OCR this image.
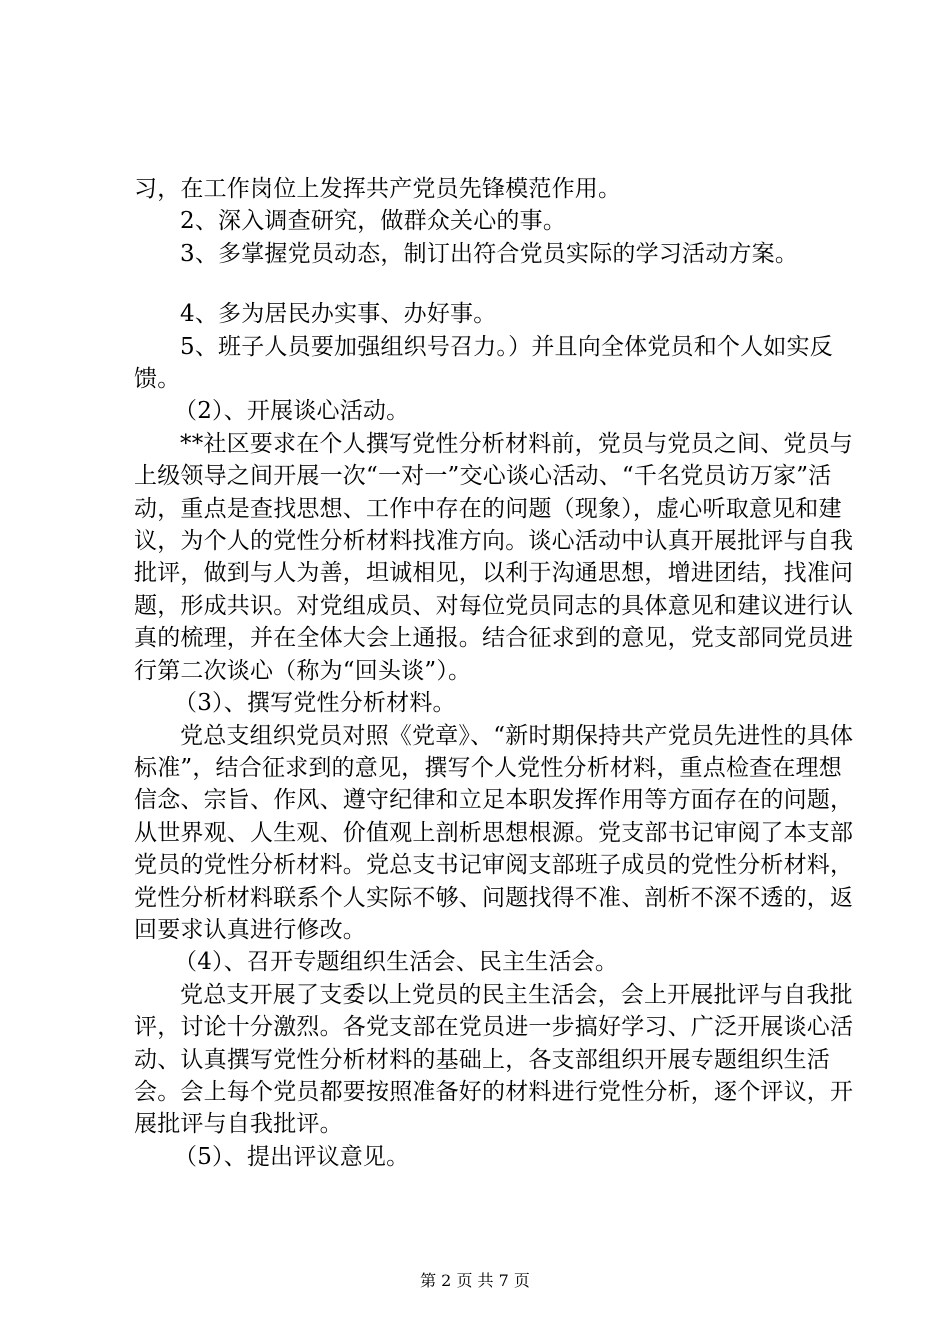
习，在工作岗位上发挥共产党员先锋模范作用。

2、深入调查研究，做群众关心的事。

3、多掌握党员动态，制订出符合党员实际的学习活动方案。

4、多为居民办实事、办好事。

5、班子人员要加强组织号召力。）并且向全体党员和个人如实反馈。

（2）、开展谈心活动。

**社区要求在个人撰写党性分析材料前，党员与党员之间、党员与上级领导之间开展一次“一对一”交心谈心活动、“千名党员访万家”活动，重点是查找思想、工作中存在的问题（现象），虚心听取意见和建议，为个人的党性分析材料找准方向。谈心活动中认真开展批评与自我批评，做到与人为善，坦诚相见，以利于沟通思想，增进团结，找准问题，形成共识。对党组成员、对每位党员同志的具体意见和建议进行认真的梳理，并在全体大会上通报。结合征求到的意见，党支部同党员进行第二次谈心（称为“回头谈”）。

（3）、撰写党性分析材料。

党总支组织党员对照《党章》、“新时期保持共产党员先进性的具体标准”，结合征求到的意见，撰写个人党性分析材料，重点检查在理想信念、宗旨、作风、遵守纪律和立足本职发挥作用等方面存在的问题，从世界观、人生观、价值观上剖析思想根源。党支部书记审阅了本支部党员的党性分析材料。党总支书记审阅支部班子成员的党性分析材料，党性分析材料联系个人实际不够、问题找得不准、剖析不深不透的，返回要求认真进行修改。

（4）、召开专题组织生活会、民主生活会。

党总支开展了支委以上党员的民主生活会，会上开展批评与自我批评，讨论十分激烈。各党支部在党员进一步搞好学习、广泛开展谈心活动、认真撰写党性分析材料的基础上，各支部组织开展专题组织生活会。会上每个党员都要按照准备好的材料进行党性分析，逐个评议，开展批评与自我批评。

（5）、提出评议意见。

第 2 页 共 7 页
